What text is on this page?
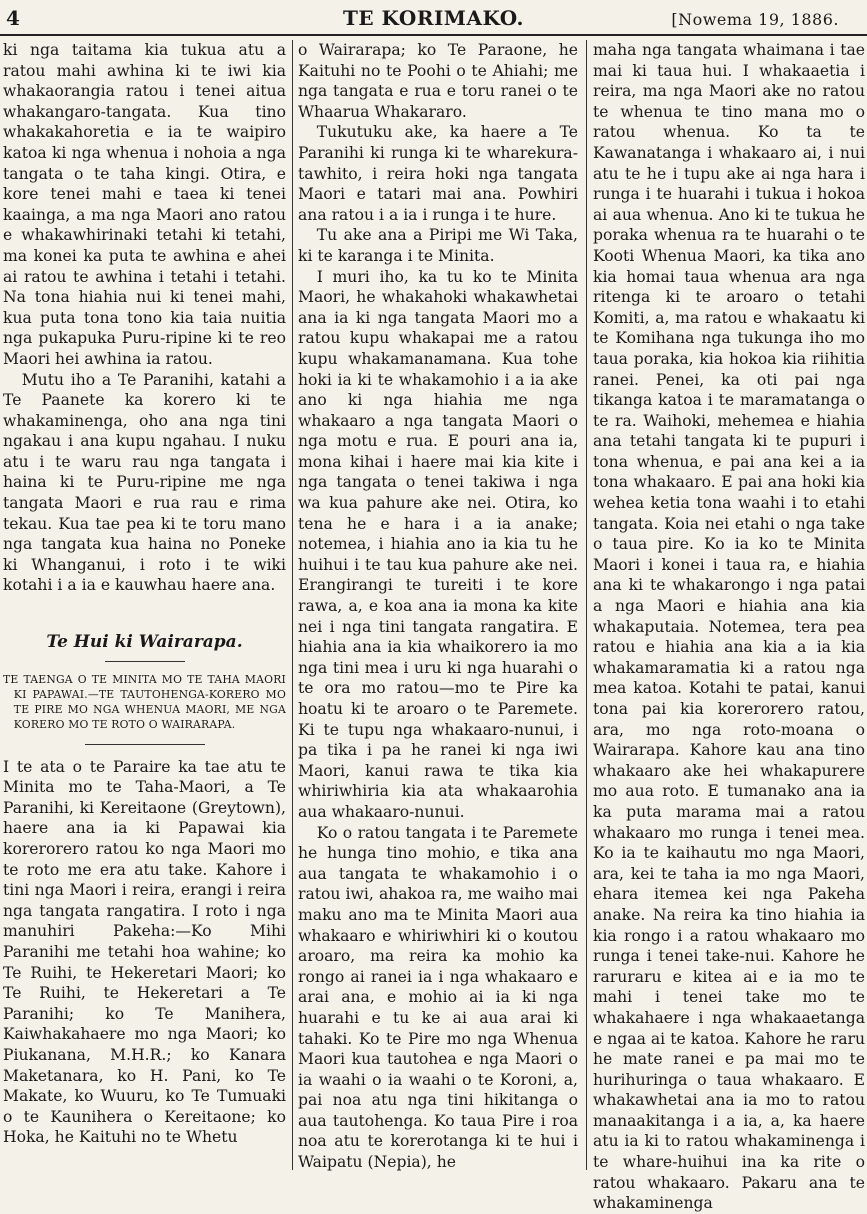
4	TE KORIMAKO.	[Nowema 19, 1886.

ki nga taitama kia tukua atu a ratou mahi awhina ki te iwi kia whakaorangia ratou i tenei aitua whakangaro-tangata. Kua tino whakakahoretia e ia te waipiro katoa ki nga whenua i nohoia a nga tangata o te taha kingi. Otira, e kore tenei mahi e taea ki tenei kaainga, a ma nga Maori ano ratou e whakawhirinaki tetahi ki tetahi, ma konei ka puta te awhina e ahei ai ratou te awhina i tetahi i tetahi. Na tona hiahia nui ki tenei mahi, kua puta tona tono kia taia nuitia nga pukapuka Puru-ripine ki te reo Maori hei awhina ia ratou.

Mutu iho a Te Paranihi, katahi a Te Paanete ka korero ki te whakaminenga, oho ana nga tini ngakau i ana kupu ngahau. I nuku atu i te waru rau nga tangata i haina ki te Puru-ripine me nga tangata Maori e rua rau e rima tekau. Kua tae pea ki te toru mano nga tangata kua haina no Poneke ki Whanganui, i roto i te wiki kotahi i a ia e kauwhau haere ana.

Te Hui ki Wairarapa.

TE TAENGA O TE MINITA MO TE TAHA MAORI KI PAPAWAI.—TE TAUTOHENGA-KORERO MO TE PIRE MO NGA WHENUA MAORI, ME NGA KORERO MO TE ROTO O WAIRARAPA.

I te ata o te Paraire ka tae atu te Minita mo te Taha-Maori, a Te Paranihi, ki Kereitaone (Greytown), haere ana ia ki Papawai kia korerorero ratou ko nga Maori mo te roto me era atu take. Kahore i tini nga Maori i reira, erangi i reira nga tangata rangatira. I roto i nga manuhiri Pakeha:—Ko Mihi Paranihi me tetahi hoa wahine; ko Te Ruihi, te Hekeretari Maori; ko Te Ruihi, te Hekeretari a Te Paranihi; ko Te Manihera, Kaiwhakahaere mo nga Maori; ko Piukanana, M.H.R.; ko Kanara Maketanara, ko H. Pani, ko Te Makate, ko Wuuru, ko Te Tumuaki o te Kaunihera o Kereitaone; ko Hoka, he Kaituhi no te Whetu

o Wairarapa; ko Te Paraone, he Kaituhi no te Poohi o te Ahiahi; me nga tangata e rua e toru ranei o te Whaarua Whakararo.

Tukutuku ake, ka haere a Te Paranihi ki runga ki te wharekura-tawhito, i reira hoki nga tangata Maori e tatari mai ana. Powhiri ana ratou i a ia i runga i te hure.

Tu ake ana a Piripi me Wi Taka, ki te karanga i te Minita.

I muri iho, ka tu ko te Minita Maori, he whakahoki whakawhetai ana ia ki nga tangata Maori mo a ratou kupu whakapai me a ratou kupu whakamanamana. Kua tohe hoki ia ki te whakamohio i a ia ake ano ki nga hiahia me nga whakaaro a nga tangata Maori o nga motu e rua. E pouri ana ia, mona kihai i haere mai kia kite i nga tangata o tenei takiwa i nga wa kua pahure ake nei. Otira, ko tena he e hara i a ia anake; notemea, i hiahia ano ia kia tu he huihui i te tau kua pahure ake nei. Erangirangi te tureiti i te kore rawa, a, e koa ana ia mona ka kite nei i nga tini tangata rangatira. E hiahia ana ia kia whaikorero ia mo nga tini mea i uru ki nga huarahi o te ora mo ratou—mo te Pire ka hoatu ki te aroaro o te Paremete. Ki te tupu nga whakaaro-nunui, i pa tika i pa he ranei ki nga iwi Maori, kanui rawa te tika kia whiriwhiria kia ata whakaarohia aua whakaaro-nunui.

Ko o ratou tangata i te Paremete he hunga tino mohio, e tika ana aua tangata te whakamohio i o ratou iwi, ahakoa ra, me waiho mai maku ano ma te Minita Maori aua whakaaro e whiriwhiri ki o koutou aroaro, ma reira ka mohio ka rongo ai ranei ia i nga whakaaro e arai ana, e mohio ai ia ki nga huarahi e tu ke ai aua arai ki tahaki. Ko te Pire mo nga Whenua Maori kua tautohea e nga Maori o ia waahi o ia waahi o te Koroni, a, pai noa atu nga tini hikitanga o aua tautohenga. Ko taua Pire i roa noa atu te korerotanga ki te hui i Waipatu (Nepia), he

maha nga tangata whaimana i tae mai ki taua hui. I whakaaetia i reira, ma nga Maori ake no ratou te whenua te tino mana mo o ratou whenua. Ko ta te Kawanatanga i whakaaro ai, i nui atu te he i tupu ake ai nga hara i runga i te huarahi i tukua i hokoa ai aua whenua. Ano ki te tukua he poraka whenua ra te huarahi o te Kooti Whenua Maori, ka tika ano kia homai taua whenua ara nga ritenga ki te aroaro o tetahi Komiti, a, ma ratou e whakaatu ki te Komihana nga tukunga iho mo taua poraka, kia hokoa kia riihitia ranei. Penei, ka oti pai nga tikanga katoa i te maramatanga o te ra. Waihoki, mehemea e hiahia ana tetahi tangata ki te pupuri i tona whenua, e pai ana kei a ia tona whakaaro. E pai ana hoki kia wehea ketia tona waahi i to etahi tangata. Koia nei etahi o nga take o taua pire. Ko ia ko te Minita Maori i konei i taua ra, e hiahia ana ki te whakarongo i nga patai a nga Maori e hiahia ana kia whakaputaia. Notemea, tera pea ratou e hiahia ana kia a ia kia whakamaramatia ki a ratou nga mea katoa. Kotahi te patai, kanui tona pai kia korerorero ratou, ara, mo nga roto-moana o Wairarapa. Kahore kau ana tino whakaaro ake hei whakapurere mo aua roto. E tumanako ana ia ka puta marama mai a ratou whakaaro mo runga i tenei mea. Ko ia te kaihautu mo nga Maori, ara, kei te taha ia mo nga Maori, ehara itemea kei nga Pakeha anake. Na reira ka tino hiahia ia kia rongo i a ratou whakaaro mo runga i tenei take-nui. Kahore he raruraru e kitea ai e ia mo te mahi i tenei take mo te whakahaere i nga whakaaetanga e ngaa ai te katoa. Kahore he raru he mate ranei e pa mai mo te hurihuringa o taua whakaaro. E whakawhetai ana ia mo to ratou manaakitanga i a ia, a, ka haere atu ia ki to ratou whakaminenga i te whare-huihui ina ka rite o ratou whakaaro. Pakaru ana te whakaminenga
